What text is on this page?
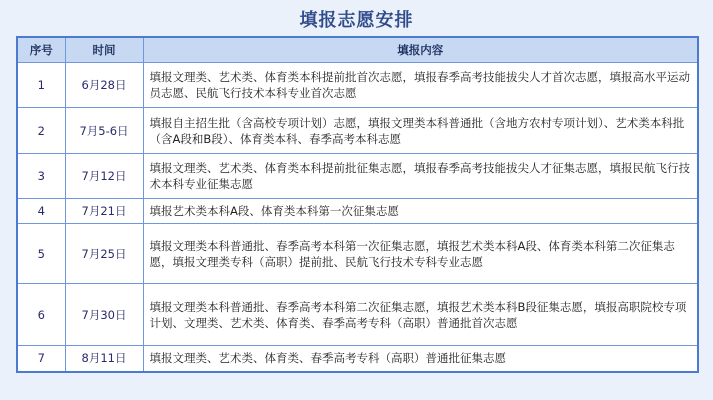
填报志愿安排
序号	时间	填报内容
1	6月28日	填报文理类、艺术类、体育类本科提前批首次志愿，填报春季高考技能拔尖人才首次志愿，填报高水平运动员志愿、民航飞行技术本科专业首次志愿
2	7月5-6日	填报自主招生批（含高校专项计划）志愿，填报文理类本科普通批（含地方农村专项计划）、艺术类本科批（含A段和B段）、体育类本科、春季高考本科志愿
3	7月12日	填报文理类、艺术类、体育类本科提前批征集志愿，填报春季高考技能拔尖人才征集志愿，填报民航飞行技术本科专业征集志愿
4	7月21日	填报艺术类本科A段、体育类本科第一次征集志愿
5	7月25日	填报文理类本科普通批、春季高考本科第一次征集志愿，填报艺术类本科A段、体育类本科第二次征集志愿，填报文理类专科（高职）提前批、民航飞行技术专科专业志愿
6	7月30日	填报文理类本科普通批、春季高考本科第二次征集志愿，填报艺术类本科B段征集志愿，填报高职院校专项计划、文理类、艺术类、体育类、春季高考专科（高职）普通批首次志愿
7	8月11日	填报文理类、艺术类、体育类、春季高考专科（高职）普通批征集志愿
